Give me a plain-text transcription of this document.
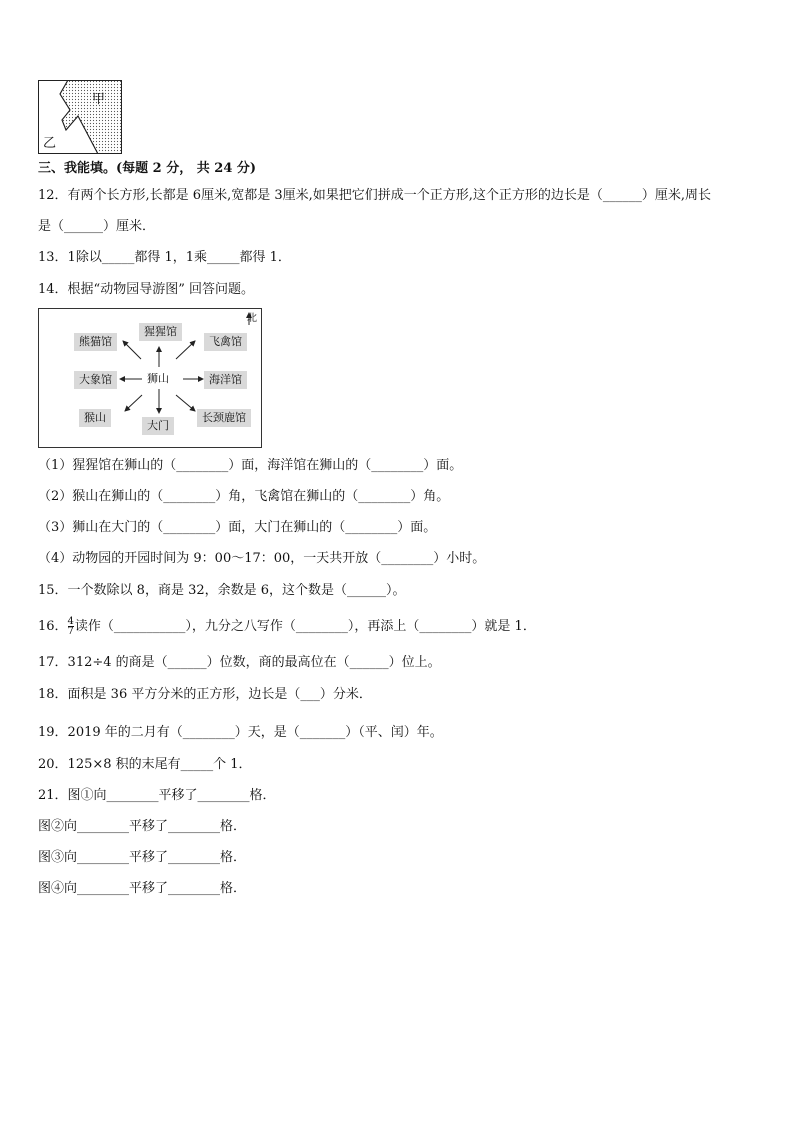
甲
乙
三、我能填。(每题 2 分， 共 24 分)
12．有两个长方形,长都是 6厘米,宽都是 3厘米,如果把它们拼成一个正方形,这个正方形的边长是（______）厘米,周长
是（______）厘米．
13．1除以_____都得 1，1乘_____都得 1．
14．根据“动物园导游图” 回答问题。
北
熊猫馆
猩猩馆
飞禽馆
大象馆	狮山	海洋馆
猴山
大门
长颈鹿馆
（1）猩猩馆在狮山的（________）面，海洋馆在狮山的（________）面。
（2）猴山在狮山的（________）角，飞禽馆在狮山的（________）角。
（3）狮山在大门的（________）面，大门在狮山的（________）面。
（4）动物园的开园时间为 9：00～17：00，一天共开放（________）小时。
15．一个数除以 8，商是 32，余数是 6，这个数是（______）。
16． $\frac{4}{7}$ 读作（___________），九分之八写作（________），再添上（________）就是 1．
17．312÷4 的商是（______）位数，商的最高位在（______）位上。
18．面积是 36 平方分米的正方形，边长是（___）分米．
19．2019 年的二月有（________）天，是（_______）（平、闰）年。
20．125×8 积的末尾有_____个 1．
21．图①向________平移了________格．
图②向________平移了________格．
图③向________平移了________格．
图④向________平移了________格．
